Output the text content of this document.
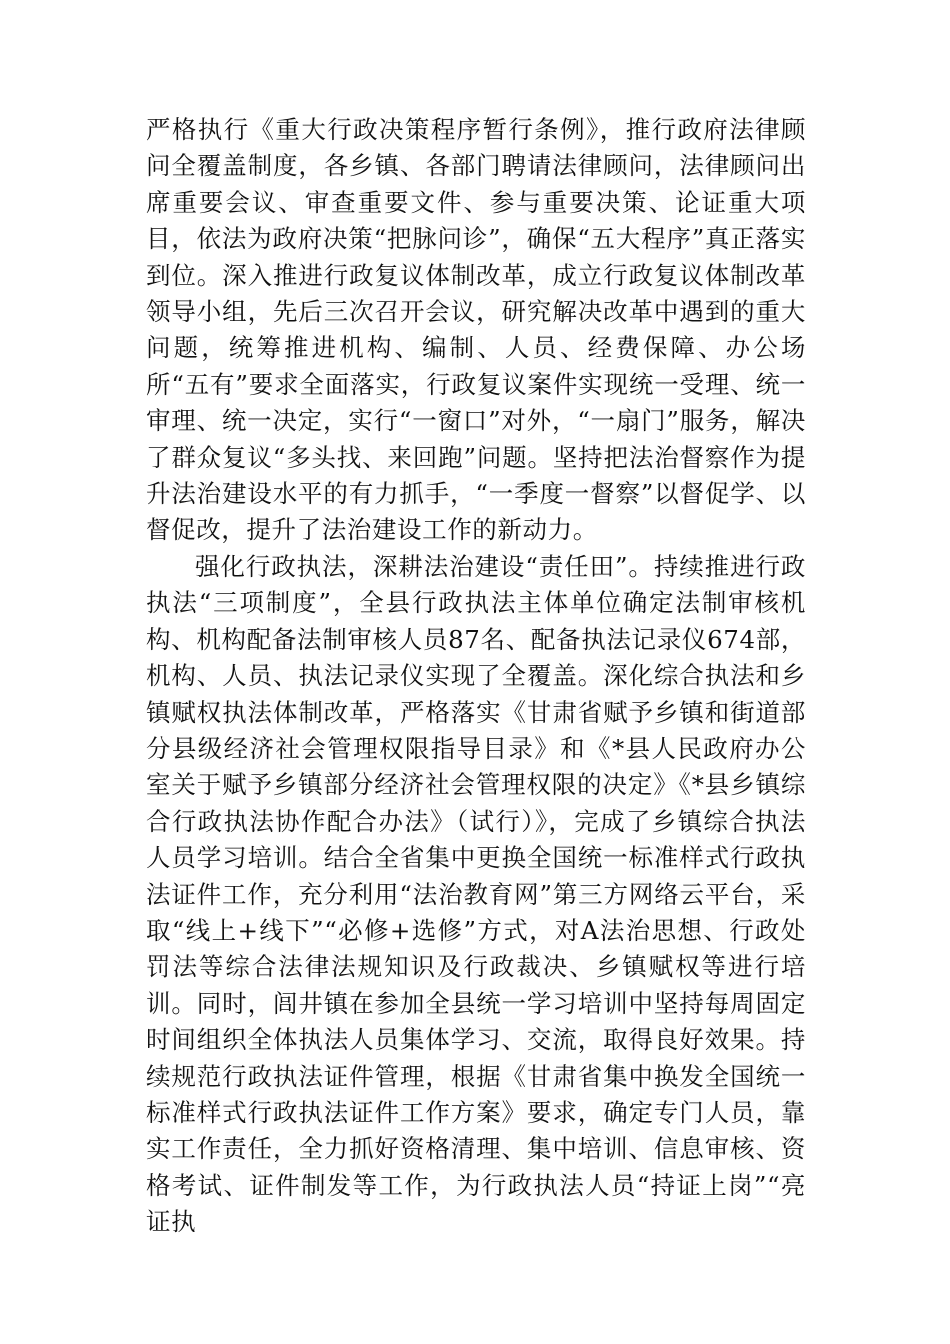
严格执行《重大行政决策程序暂行条例》，推行政府法律顾问全覆盖制度，各乡镇、各部门聘请法律顾问，法律顾问出席重要会议、审查重要文件、参与重要决策、论证重大项目，依法为政府决策“把脉问诊”，确保“五大程序”真正落实到位。深入推进行政复议体制改革，成立行政复议体制改革领导小组，先后三次召开会议，研究解决改革中遇到的重大问题，统筹推进机构、编制、人员、经费保障、办公场所“五有”要求全面落实，行政复议案件实现统一受理、统一审理、统一决定，实行“一窗口”对外，“一扇门”服务，解决了群众复议“多头找、来回跑”问题。坚持把法治督察作为提升法治建设水平的有力抓手，“一季度一督察”以督促学、以督促改，提升了法治建设工作的新动力。

强化行政执法，深耕法治建设“责任田”。持续推进行政执法“三项制度”，全县行政执法主体单位确定法制审核机构、机构配备法制审核人员87名、配备执法记录仪674部，机构、人员、执法记录仪实现了全覆盖。深化综合执法和乡镇赋权执法体制改革，严格落实《甘肃省赋予乡镇和街道部分县级经济社会管理权限指导目录》和《*县人民政府办公室关于赋予乡镇部分经济社会管理权限的决定》《*县乡镇综合行政执法协作配合办法》（试行）》，完成了乡镇综合执法人员学习培训。结合全省集中更换全国统一标准样式行政执法证件工作，充分利用“法治教育网”第三方网络云平台，采取“线上+线下”“必修+选修”方式，对A法治思想、行政处罚法等综合法律法规知识及行政裁决、乡镇赋权等进行培训。同时，闾井镇在参加全县统一学习培训中坚持每周固定时间组织全体执法人员集体学习、交流，取得良好效果。持续规范行政执法证件管理，根据《甘肃省集中换发全国统一标准样式行政执法证件工作方案》要求，确定专门人员，靠实工作责任，全力抓好资格清理、集中培训、信息审核、资格考试、证件制发等工作，为行政执法人员“持证上岗”“亮证执
